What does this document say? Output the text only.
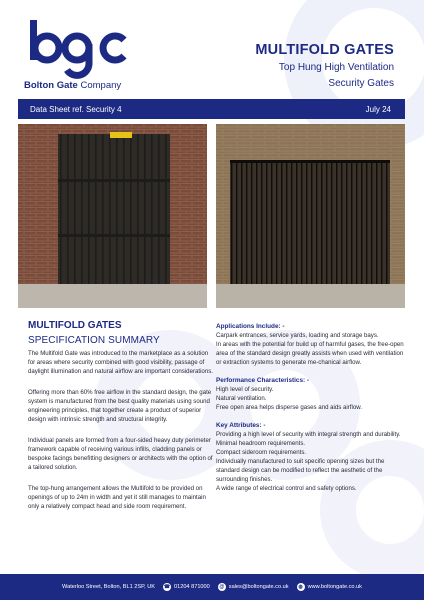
Bolton Gate Company
MULTIFOLD GATES
Top Hung High Ventilation
Security Gates
Data Sheet ref. Security 4	July 24
MULTIFOLD GATES
SPECIFICATION SUMMARY

The Multifold Gate was introduced to the marketplace as a solution for areas where security combined with good visibility, passage of daylight illumination and natural airflow are important considerations.

Offering more than 60% free airflow in the standard design, the gate system is manufactured from the best quality materials using sound engineering principles, that together create a product of superior design with intrinsic strength and structural integrity.

Individual panels are formed from a four-sided heavy duty perimeter framework capable of receiving various infills, cladding panels or bespoke facings benefitting designers or architects with the option of a tailored solution.

The top-hung arrangement allows the Multifold to be provided on openings of up to 24m in width and yet it still manages to maintain only a relatively compact head and side room requirement.

Applications Include: -
Carpark entrances, service yards, loading and storage bays.
In areas with the potential for build up of harmful gases, the free-open area of the standard design greatly assists when used with ventilation or extraction systems to generate me-chanical airflow.
Performance Characteristics: -
High level of security.
Natural ventilation.
Free open area helps disperse gases and aids airflow.
Key Attributes: -
Providing a high level of security with integral strength and durability.
Minimal headroom requirements.
Compact sideroom requirements.
Individually manufactured to suit specific opening sizes but the standard design can be modified to reflect the aesthetic of the surrounding finishes.
A wide range of electrical control and safety options.
Waterloo Street, Bolton, BL1 2SP, UK ☎ 01204 871000	@ sales@boltongate.co.uk	◍ www.boltongate.co.uk
